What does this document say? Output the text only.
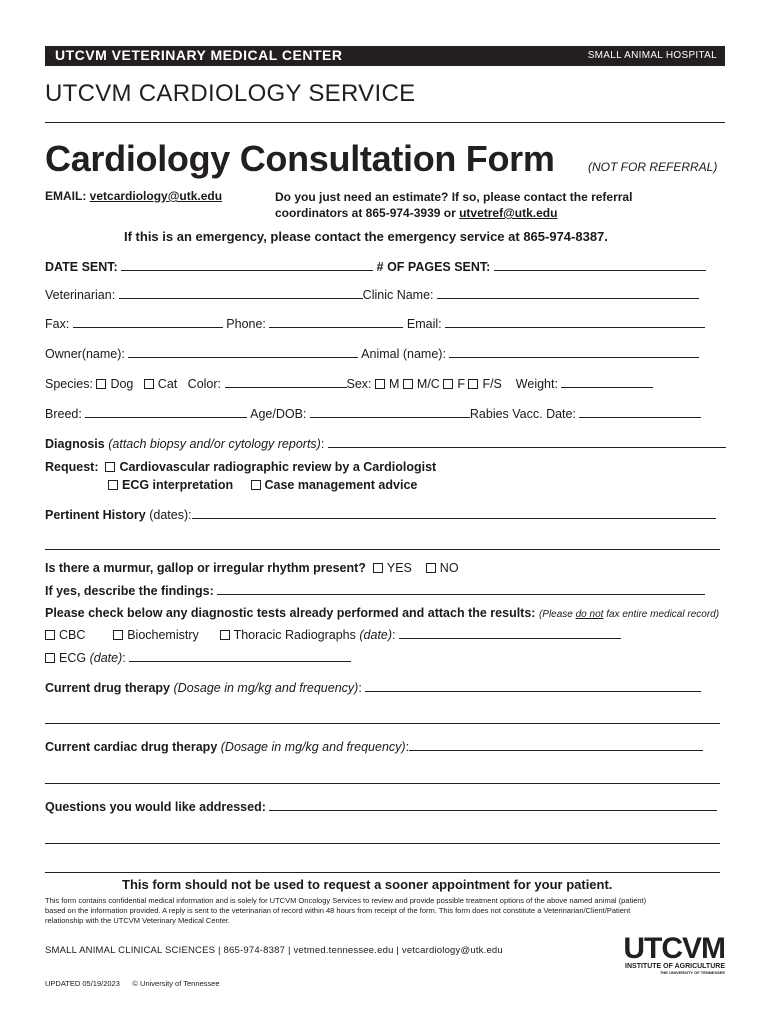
UTCVM VETERINARY MEDICAL CENTER	SMALL ANIMAL HOSPITAL
UTCVM CARDIOLOGY SERVICE
Cardiology Consultation Form	(NOT FOR REFERRAL)
EMAIL: vetcardiology@utk.edu	Do you just need an estimate? If so, please contact the referral
coordinators at 865-974-3939 or utvetref@utk.edu
If this is an emergency, please contact the emergency service at 865-974-8387.
DATE SENT:	# OF PAGES SENT:
Veterinarian:	Clinic Name:
Fax:	Phone:	Email:
Owner(name):	Animal (name):
Species: Dog Cat Color:	Sex: M M/C F F/S Weight:
Breed:	Age/DOB:	Rabies Vacc. Date:
Diagnosis (attach biopsy and/or cytology reports):
Request: Cardiovascular radiographic review by a Cardiologist
ECG interpretation	Case management advice
Pertinent History (dates):
Is there a murmur, gallop or irregular rhythm present? YES NO
If yes, describe the findings:
Please check below any diagnostic tests already performed and attach the results: (Please do not fax entire medical record)
CBC	Biochemistry	Thoracic Radiographs (date):
ECG (date):
Current drug therapy (Dosage in mg/kg and frequency):
Current cardiac drug therapy (Dosage in mg/kg and frequency):
Questions you would like addressed:
This form should not be used to request a sooner appointment for your patient.
This form contains confidential medical information and is solely for UTCVM Oncology Services to review and provide possible treatment options of the above named animal (patient)
based on the information provided. A reply is sent to the veterinarian of record within 48 hours from receipt of the form. This form does not constitute a Veterinarian/Client/Patient
relationship with the UTCVM Veterinary Medical Center.
SMALL ANIMAL CLINICAL SCIENCES | 865-974-8387 | vetmed.tennessee.edu | vetcardiology@utk.edu
UPDATED 05/19/2023 © University of Tennessee
UTCVM
INSTITUTE OF AGRICULTURE
THE UNIVERSITY OF TENNESSEE
